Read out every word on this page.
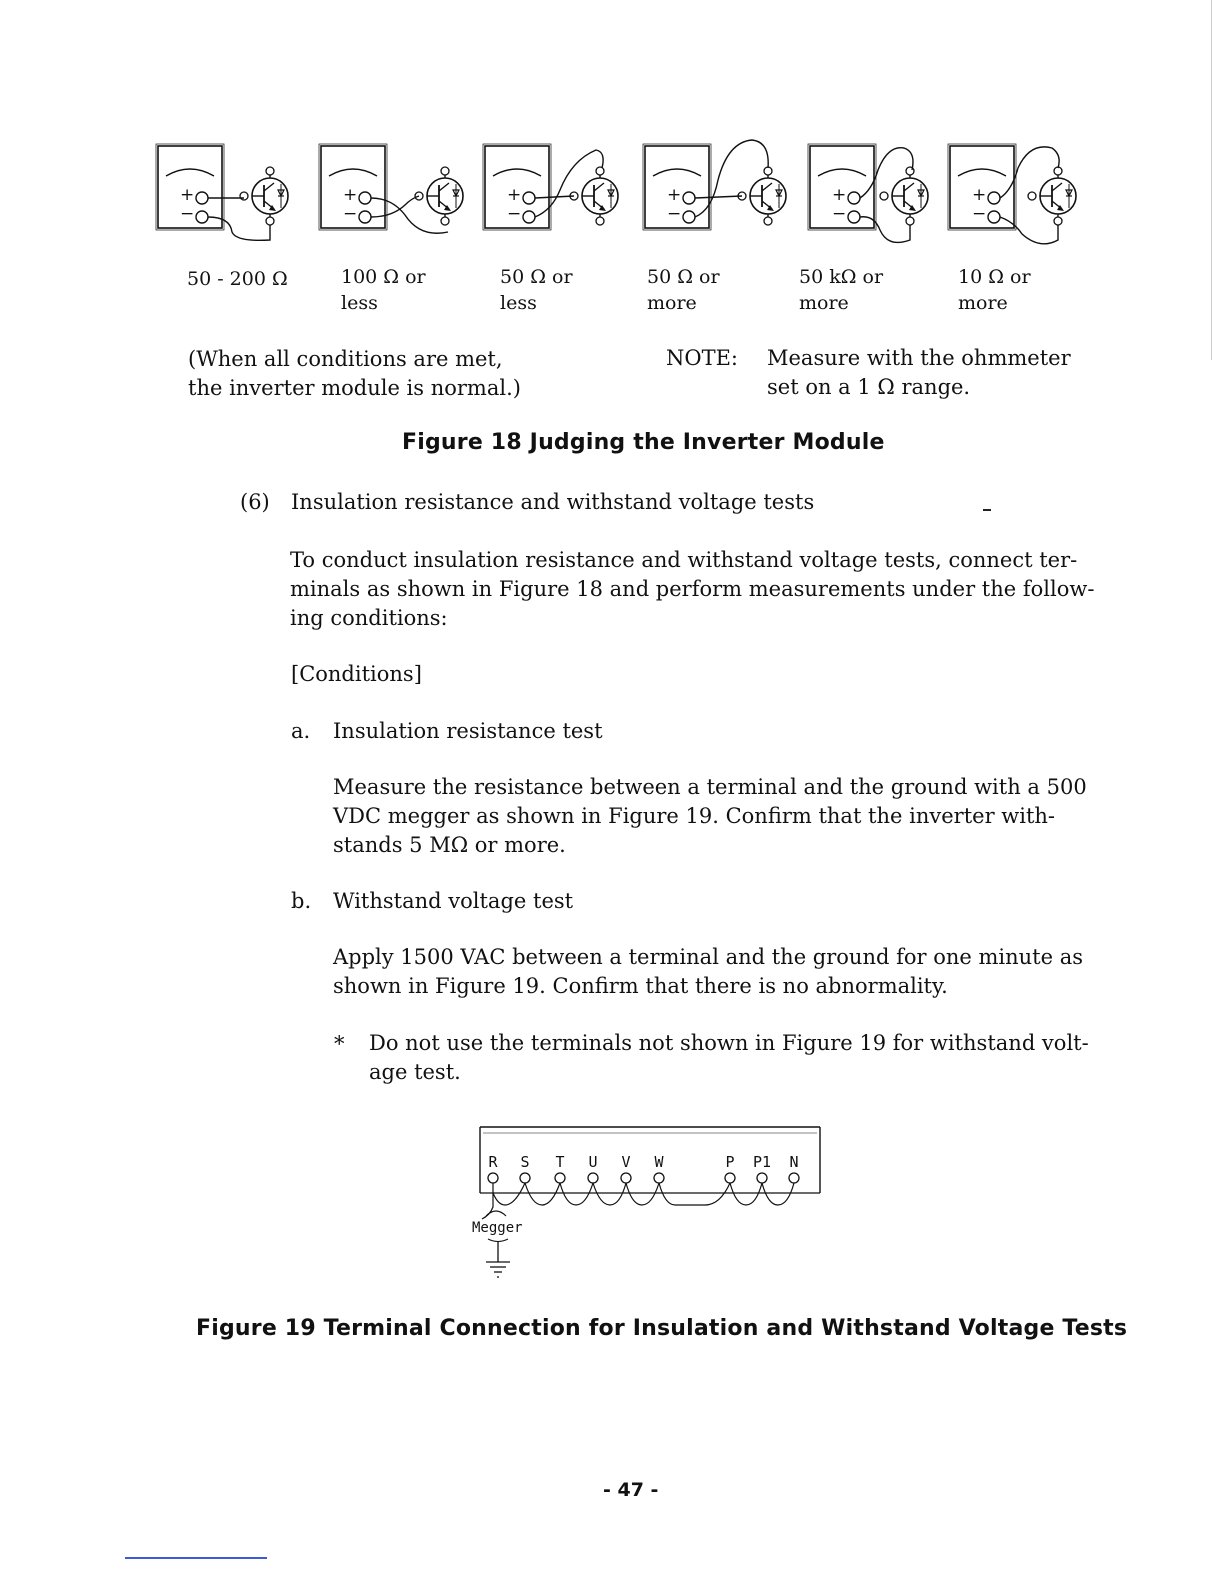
+
−
+
−
+
−
+
−
+
−
+
−
50 - 200 Ω	100 Ω or
less
50 Ω or
less
50 Ω or
more
50 kΩ or
more
10 Ω or
more
(When all conditions are met,
the inverter module is normal.)
NOTE: Measure with the ohmmeter
set on a 1 Ω range.
Figure 18 Judging the Inverter Module
(6) Insulation resistance and withstand voltage tests
To conduct insulation resistance and withstand voltage tests, connect ter-
minals as shown in Figure 18 and perform measurements under the follow-
ing conditions:
[Conditions]
a. Insulation resistance test
Measure the resistance between a terminal and the ground with a 500
VDC megger as shown in Figure 19. Confirm that the inverter with-
stands 5 MΩ or more.
b. Withstand voltage test
Apply 1500 VAC between a terminal and the ground for one minute as
shown in Figure 19. Confirm that there is no abnormality.
* Do not use the terminals not shown in Figure 19 for withstand volt-
age test.
R S T U V W	P P1 N
Megger
Figure 19 Terminal Connection for Insulation and Withstand Voltage Tests
- 47 -
